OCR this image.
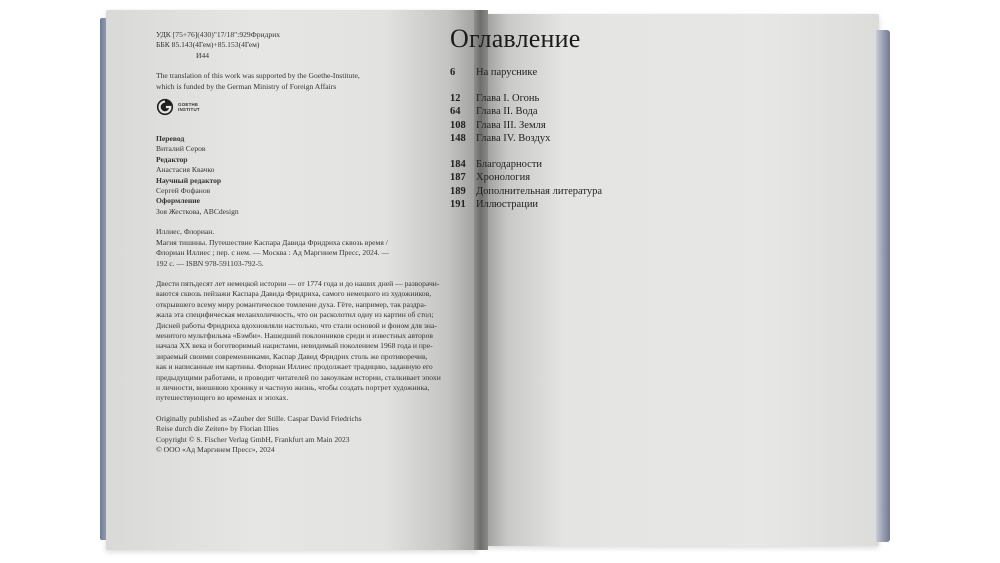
УДК [75+76](430)"17/18":929Фридрих

ББК 85.143(4Гем)+85.153(4Гем)

И44

The translation of this work was supported by the Goethe-Institute,

which is funded by the German Ministry of Foreign Affairs

GOETHE
INSTITUT

Перевод

Виталий Серов

Редактор

Анастасия Квачко

Научный редактор

Сергей Фофанов

Оформление

Зоя Жесткова, ABCdesign

Иллиес, Флориан.

Магия тишины. Путешествие Каспара Давида Фридриха сквозь время /

Флориан Иллиес ; пер. с нем. — Москва : Ад Маргинем Пресс, 2024. —

192 с. — ISBN 978-591103-792-5.

Двести пятьдесят лет немецкой истории — от 1774 года и до наших дней — разворачи-

ваются сквозь пейзажи Каспара Давида Фридриха, самого немецкого из художников,

открывшего всему миру романтическое томление духа. Гёте, например, так раздра-

жала эта специфическая меланхоличность, что он расколотил одну из картин об стол;

Дисней работы Фридриха вдохновляли настолько, что стали основой и фоном для зна-

менитого мультфильма «Бэмби». Нашедший поклонников среди и известных авторов

начала XX века и боготворимый нацистами, невидимый поколением 1968 года и пре-

зираемый своими современниками, Каспар Давид Фридрих столь же противоречив,

как и написанные им картины. Флориан Иллиес продолжает традицию, заданную его

предыдущими работами, и проводит читателей по закоулкам истории, сталкивает эпохи

и личности, внешнюю хронику и частную жизнь, чтобы создать портрет художника,

путешествующего во временах и эпохах.

Originally published as «Zauber der Stille. Caspar David Friedrichs

Reise durch die Zeiten» by Florian Illies

Copyright © S. Fischer Verlag GmbH, Frankfurt am Main 2023

© ООО «Ад Маргинем Пресс», 2024

Оглавление
6	На парусникe
12	Глава I. Огонь
64	Глава II. Вода
108 Глава III. Земля
148 Глава IV. Воздух
184 Благодарности
187 Хронология
189 Дополнительная литература
191 Иллюстрации
